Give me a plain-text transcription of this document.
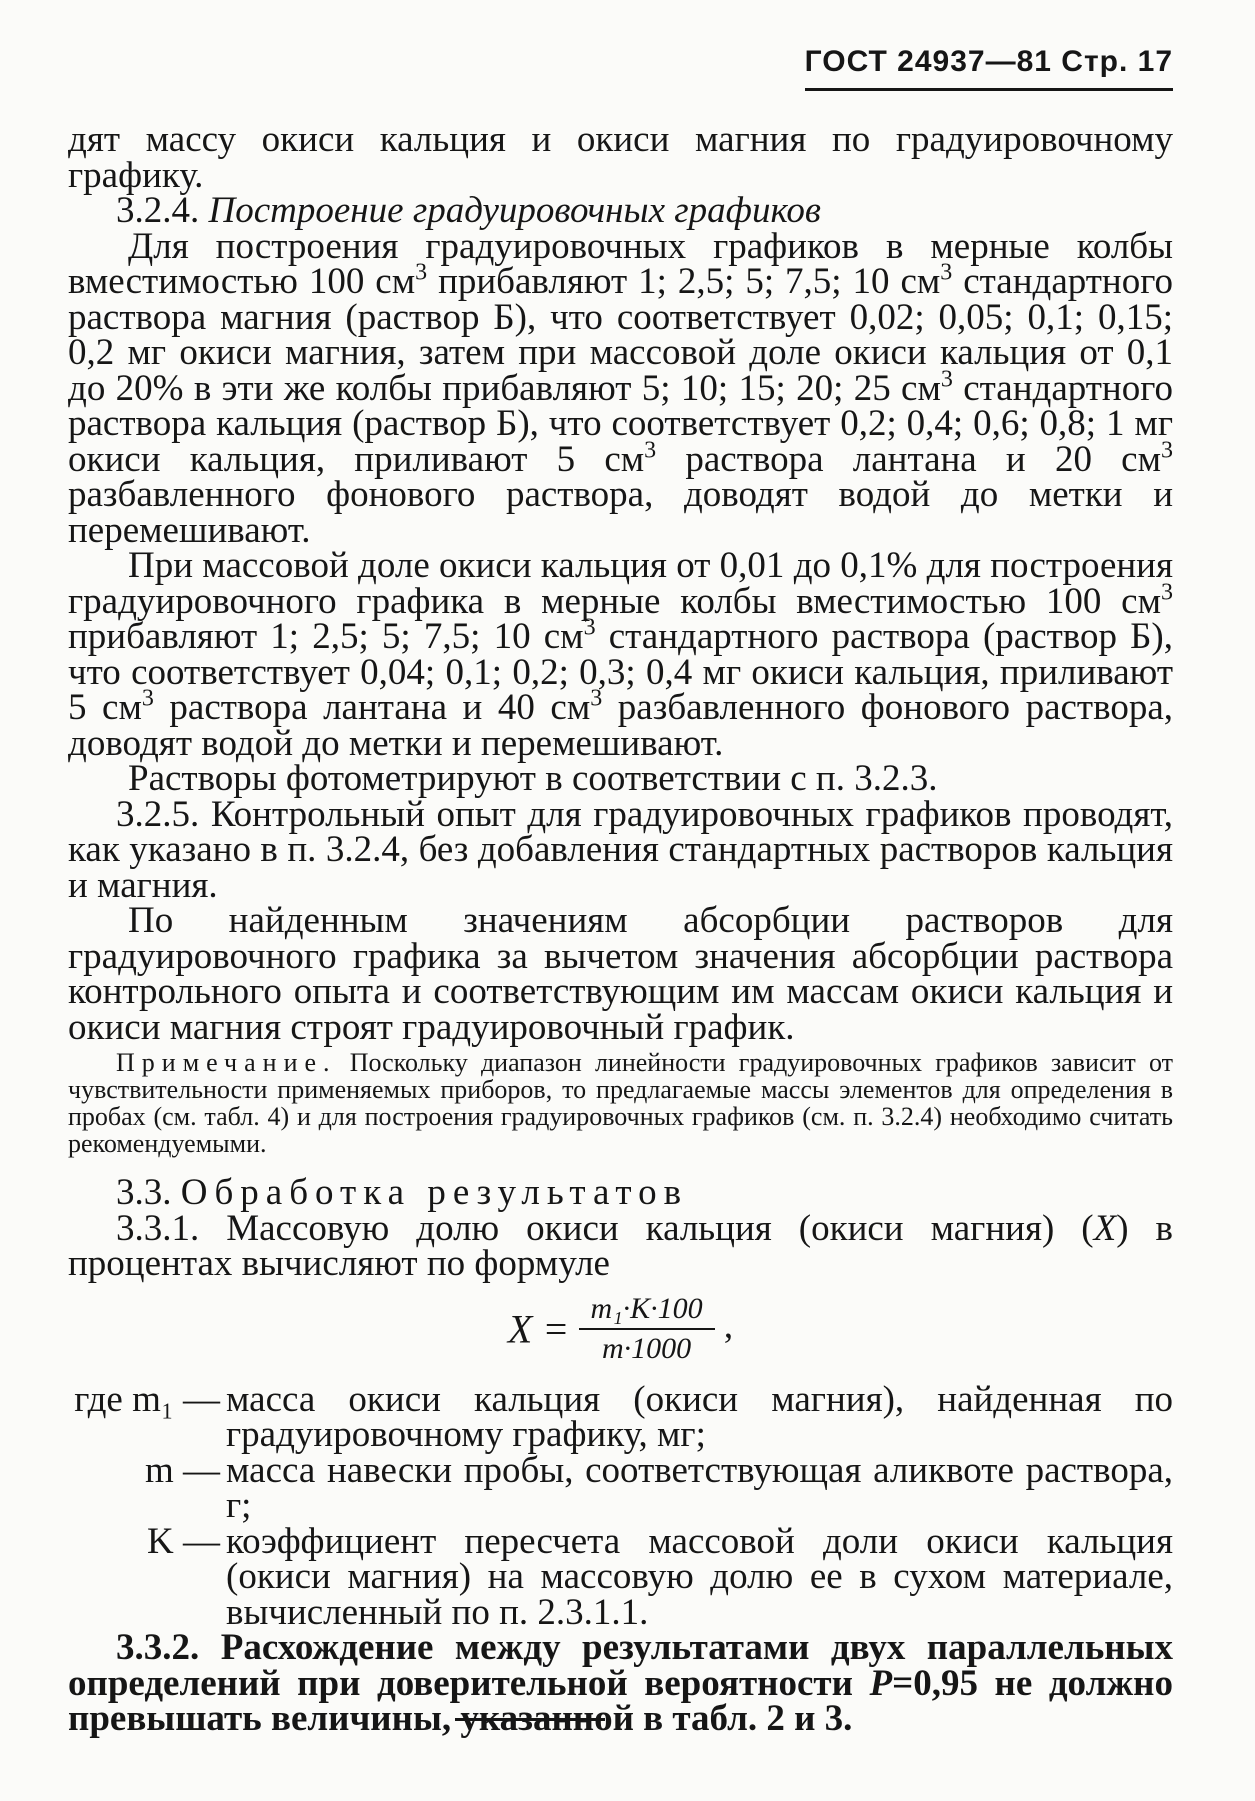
ГОСТ 24937—81 Стр. 17

дят массу окиси кальция и окиси магния по градуировочному графику.

3.2.4. Построение градуировочных графиков

Для построения градуировочных графиков в мерные колбы вместимостью 100 $см^3$ прибавляют 1; 2,5; 5; 7,5; 10 $см^3$ стандартного раствора магния (раствор Б), что соответствует 0,02; 0,05; 0,1; 0,15; 0,2 мг окиси магния, затем при массовой доле окиси кальция от 0,1 до 20% в эти же колбы прибавляют 5; 10; 15; 20; 25 $см^3$ стандартного раствора кальция (раствор Б), что соответствует 0,2; 0,4; 0,6; 0,8; 1 мг окиси кальция, приливают 5 $см^3$ раствора лантана и 20 $см^3$ разбавленного фонового раствора, доводят водой до метки и перемешивают.

При массовой доле окиси кальция от 0,01 до 0,1% для построения градуировочного графика в мерные колбы вместимостью 100 $см^3$ прибавляют 1; 2,5; 5; 7,5; 10 $см^3$ стандартного раствора (раствор Б), что соответствует 0,04; 0,1; 0,2; 0,3; 0,4 мг окиси кальция, приливают 5 $см^3$ раствора лантана и 40 $см^3$ разбавленного фонового раствора, доводят водой до метки и перемешивают.

Растворы фотометрируют в соответствии с п. 3.2.3.

3.2.5. Контрольный опыт для градуировочных графиков проводят, как указано в п. 3.2.4, без добавления стандартных растворов кальция и магния.

По найденным значениям абсорбции растворов для градуировочного графика за вычетом значения абсорбции раствора контрольного опыта и соответствующим им массам окиси кальция и окиси магния строят градуировочный график.

Примечание. Поскольку диапазон линейности градуировочных графиков зависит от чувствительности применяемых приборов, то предлагаемые массы элементов для определения в пробах (см. табл. 4) и для построения градуировочных графиков (см. п. 3.2.4) необходимо считать рекомендуемыми.

3.3. Обработка результатов

3.3.1. Массовую долю окиси кальция (окиси магния) (X) в процентах вычисляют по формуле

$X = \frac{\text{m₁·K·100}}{m\cdot 1000}$ ,
где m₁ —	масса окиси кальция (окиси магния), найденная по градуировочному графику, мг;
m —	масса навески пробы, соответствующая аликвоте раствора, г;
K —	коэффициент пересчета массовой доли окиси кальция (окиси магния) на массовую долю ее в сухом материале, вычисленный по п. 2.3.1.1.

3.3.2. Расхождение между результатами двух параллельных определений при доверительной вероятности P=0,95 не должно превышать величины, указанной в табл. 2 и 3.
